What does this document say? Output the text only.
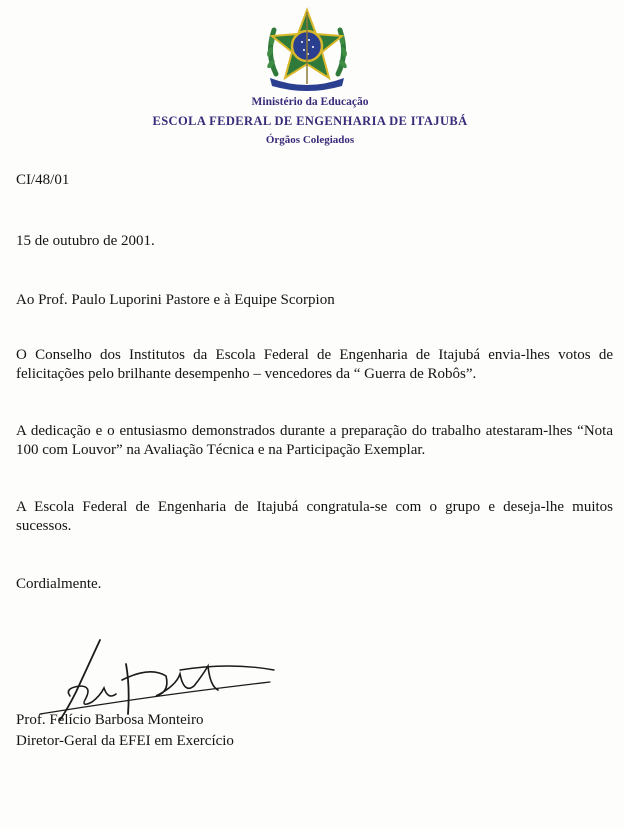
Ministério da Educação
ESCOLA FEDERAL DE ENGENHARIA DE ITAJUBÁ
Órgãos Colegiados

CI/48/01

15 de outubro de 2001.

Ao Prof. Paulo Luporini Pastore e à Equipe Scorpion

O Conselho dos Institutos da Escola Federal de Engenharia de Itajubá envia-lhes votos de felicitações pelo brilhante desempenho – vencedores da “ Guerra de Robôs”.

A dedicação e o entusiasmo demonstrados durante a preparação do trabalho atestaram-lhes “Nota 100 com Louvor” na Avaliação Técnica e na Participação Exemplar.

A Escola Federal de Engenharia de Itajubá congratula-se com o grupo e deseja-lhe muitos sucessos.

Cordialmente.

Prof. Felício Barbosa Monteiro
Diretor-Geral da EFEI em Exercício
